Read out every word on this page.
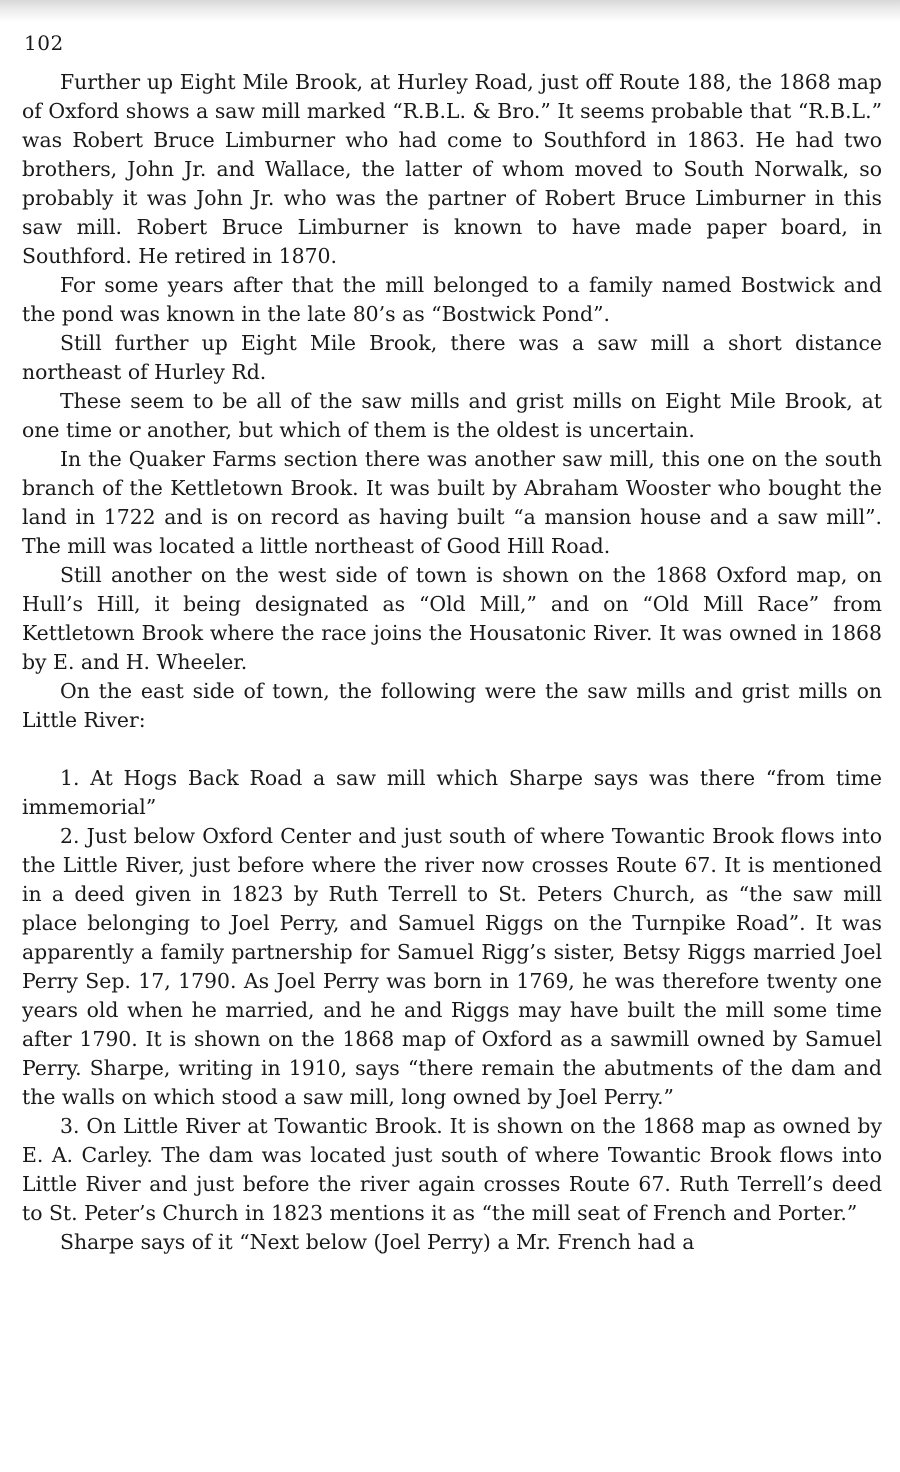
102

Further up Eight Mile Brook, at Hurley Road, just off Route 188, the 1868 map of Oxford shows a saw mill marked “R.B.L. & Bro.” It seems probable that “R.B.L.” was Robert Bruce Limburner who had come to Southford in 1863. He had two brothers, John Jr. and Wallace, the latter of whom moved to South Norwalk, so probably it was John Jr. who was the partner of Robert Bruce Limburner in this saw mill. Robert Bruce Limburner is known to have made paper board, in Southford. He retired in 1870.

For some years after that the mill belonged to a family named Bostwick and the pond was known in the late 80’s as “Bostwick Pond”.

Still further up Eight Mile Brook, there was a saw mill a short distance northeast of Hurley Rd.

These seem to be all of the saw mills and grist mills on Eight Mile Brook, at one time or another, but which of them is the oldest is uncertain.

In the Quaker Farms section there was another saw mill, this one on the south branch of the Kettletown Brook. It was built by Abraham Wooster who bought the land in 1722 and is on record as having built “a mansion house and a saw mill”. The mill was located a little northeast of Good Hill Road.

Still another on the west side of town is shown on the 1868 Oxford map, on Hull’s Hill, it being designated as “Old Mill,” and on “Old Mill Race” from Kettletown Brook where the race joins the Housatonic River. It was owned in 1868 by E. and H. Wheeler.

On the east side of town, the following were the saw mills and grist mills on Little River:

1. At Hogs Back Road a saw mill which Sharpe says was there “from time immemorial”

2. Just below Oxford Center and just south of where Towantic Brook flows into the Little River, just before where the river now crosses Route 67. It is mentioned in a deed given in 1823 by Ruth Terrell to St. Peters Church, as “the saw mill place belonging to Joel Perry, and Samuel Riggs on the Turnpike Road”. It was apparently a family partnership for Samuel Rigg’s sister, Betsy Riggs married Joel Perry Sep. 17, 1790. As Joel Perry was born in 1769, he was therefore twenty one years old when he married, and he and Riggs may have built the mill some time after 1790. It is shown on the 1868 map of Oxford as a sawmill owned by Samuel Perry. Sharpe, writing in 1910, says “there remain the abutments of the dam and the walls on which stood a saw mill, long owned by Joel Perry.”

3. On Little River at Towantic Brook. It is shown on the 1868 map as owned by E. A. Carley. The dam was located just south of where Towantic Brook flows into Little River and just before the river again crosses Route 67. Ruth Terrell’s deed to St. Peter’s Church in 1823 mentions it as “the mill seat of French and Porter.”

Sharpe says of it “Next below (Joel Perry) a Mr. French had a
